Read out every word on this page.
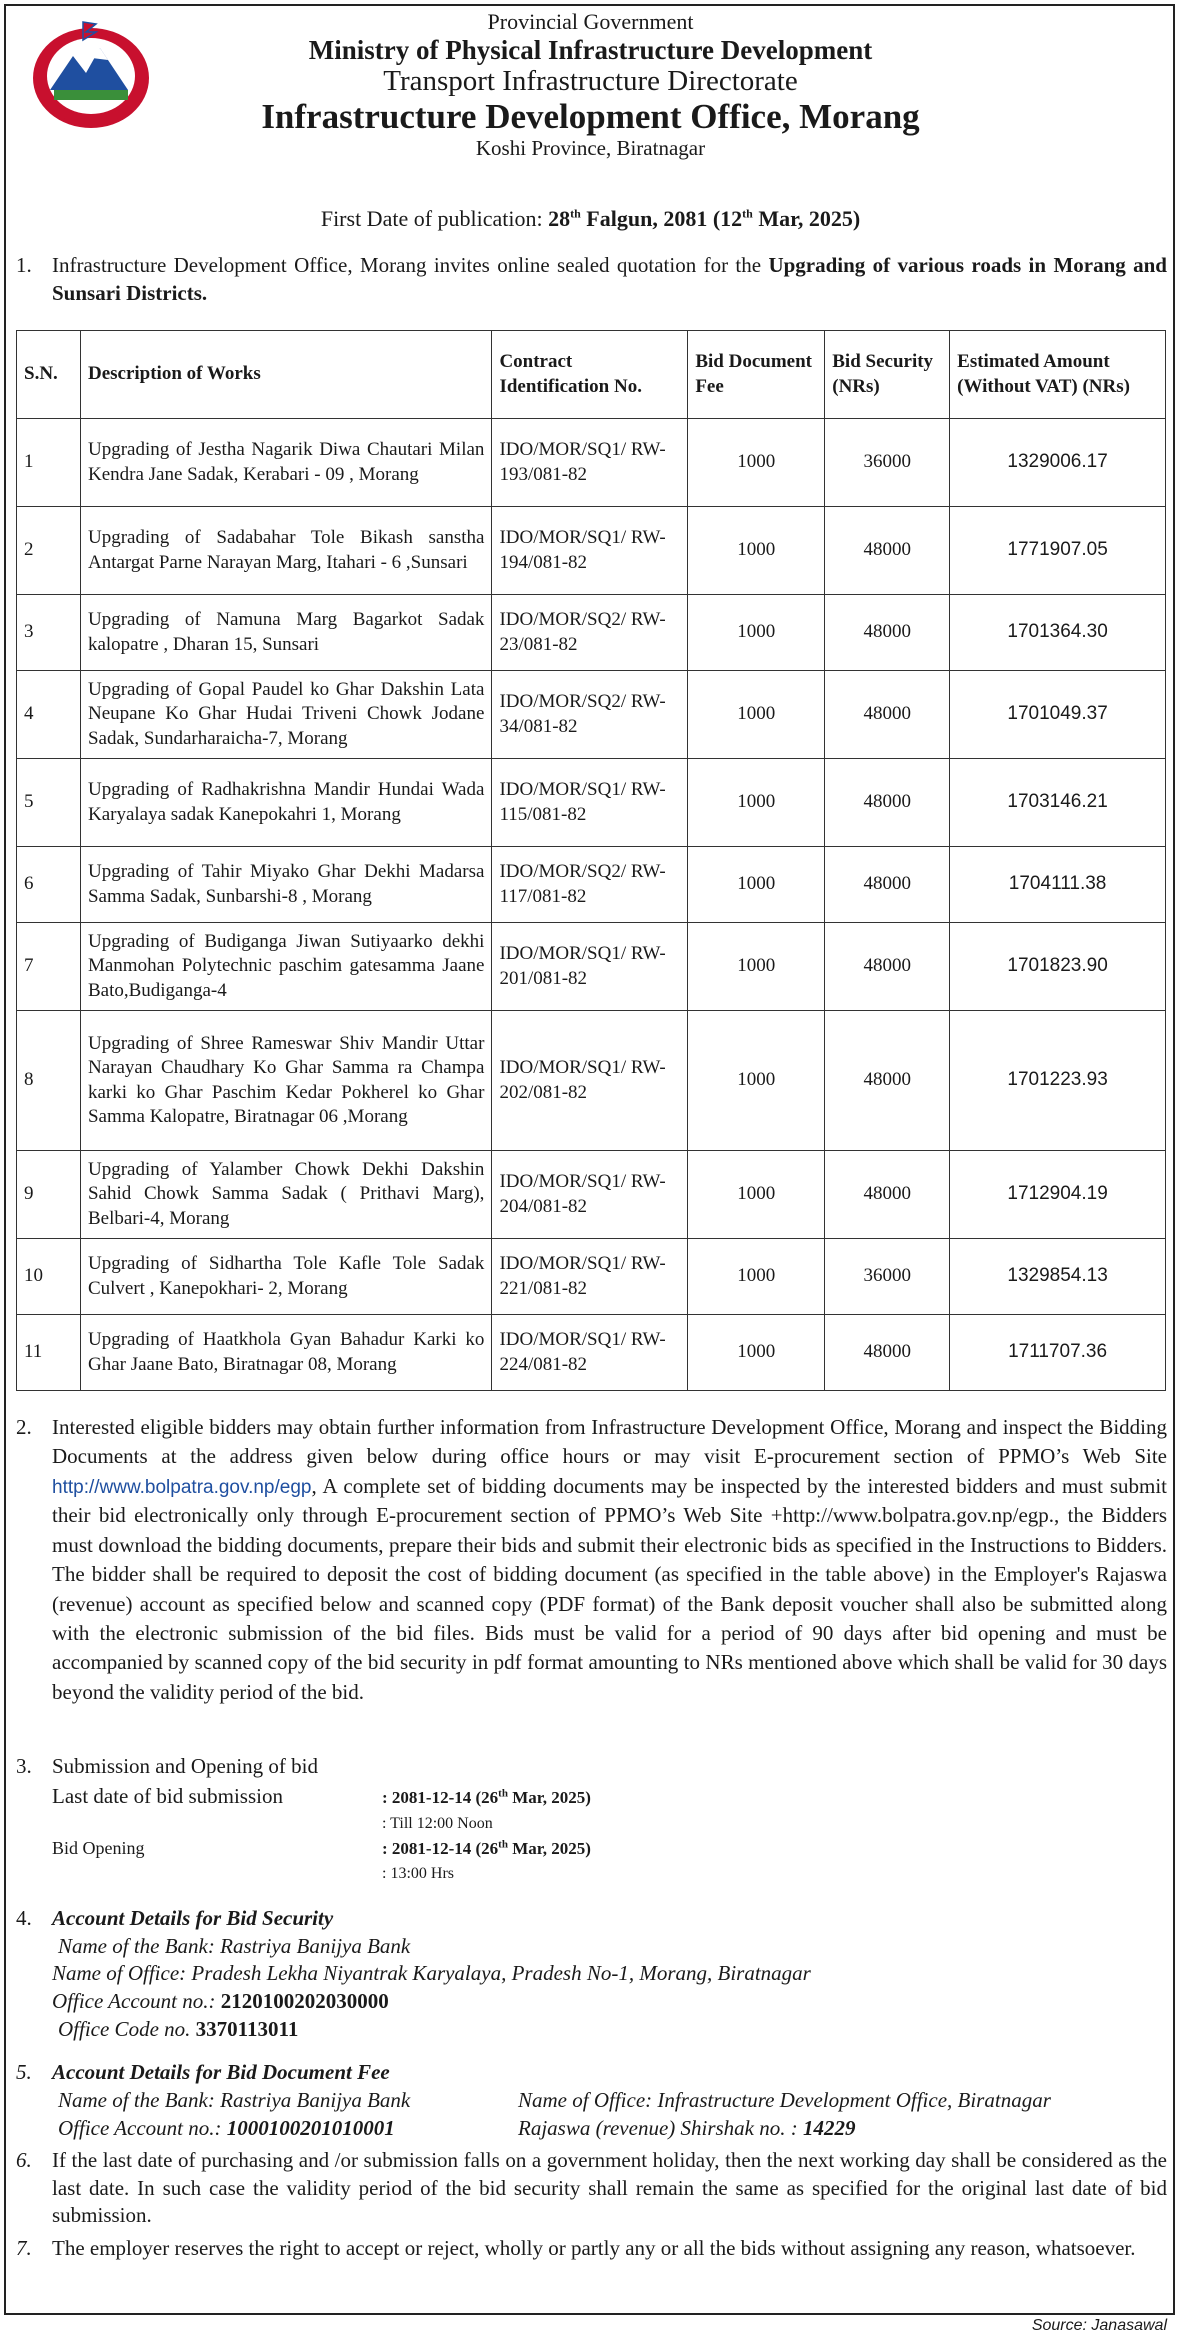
Provincial Government
Ministry of Physical Infrastructure Development
Transport Infrastructure Directorate
Infrastructure Development Office, Morang
Koshi Province, Biratnagar
First Date of publication: 28th Falgun, 2081 (12th Mar, 2025)
1. Infrastructure Development Office, Morang invites online sealed quotation for the Upgrading of various roads in Morang and Sunsari Districts.
S.N.	Description of Works	Contract Identification No.	Bid Document Fee	Bid Security (NRs)	Estimated Amount (Without VAT) (NRs)
1	Upgrading of Jestha Nagarik Diwa Chautari Milan Kendra Jane Sadak, Kerabari - 09 , Morang	IDO/MOR/SQ1/ RW-193/081-82	1000	36000	1329006.17
2	Upgrading of Sadabahar Tole Bikash sanstha Antargat Parne Narayan Marg, Itahari - 6 ,Sunsari	IDO/MOR/SQ1/ RW-194/081-82	1000	48000	1771907.05
3	Upgrading of Namuna Marg Bagarkot Sadak kalopatre , Dharan 15, Sunsari	IDO/MOR/SQ2/ RW-23/081-82	1000	48000	1701364.30
4	Upgrading of Gopal Paudel ko Ghar Dakshin Lata Neupane Ko Ghar Hudai Triveni Chowk Jodane Sadak, Sundarharaicha-7, Morang	IDO/MOR/SQ2/ RW-34/081-82	1000	48000	1701049.37
5	Upgrading of Radhakrishna Mandir Hundai Wada Karyalaya sadak Kanepokahri 1, Morang	IDO/MOR/SQ1/ RW-115/081-82	1000	48000	1703146.21
6	Upgrading of Tahir Miyako Ghar Dekhi Madarsa Samma Sadak, Sunbarshi-8 , Morang	IDO/MOR/SQ2/ RW-117/081-82	1000	48000	1704111.38
7	Upgrading of Budiganga Jiwan Sutiyaarko dekhi Manmohan Polytechnic paschim gatesamma Jaane Bato,Budiganga-4	IDO/MOR/SQ1/ RW-201/081-82	1000	48000	1701823.90
8	Upgrading of Shree Rameswar Shiv Mandir Uttar Narayan Chaudhary Ko Ghar Samma ra Champa karki ko Ghar Paschim Kedar Pokherel ko Ghar Samma Kalopatre, Biratnagar 06 ,Morang	IDO/MOR/SQ1/ RW-202/081-82	1000	48000	1701223.93
9	Upgrading of Yalamber Chowk Dekhi Dakshin Sahid Chowk Samma Sadak ( Prithavi Marg), Belbari-4, Morang	IDO/MOR/SQ1/ RW-204/081-82	1000	48000	1712904.19
10	Upgrading of Sidhartha Tole Kafle Tole Sadak Culvert , Kanepokhari- 2, Morang	IDO/MOR/SQ1/ RW-221/081-82	1000	36000	1329854.13
11	Upgrading of Haatkhola Gyan Bahadur Karki ko Ghar Jaane Bato, Biratnagar 08, Morang	IDO/MOR/SQ1/ RW-224/081-82	1000	48000	1711707.36
2. Interested eligible bidders may obtain further information from Infrastructure Development Office, Morang and inspect the Bidding Documents at the address given below during office hours or may visit E-procurement section of PPMO’s Web Site http://www.bolpatra.gov.np/egp, A complete set of bidding documents may be inspected by the interested bidders and must submit their bid electronically only through E-procurement section of PPMO’s Web Site +http://www.bolpatra.gov.np/egp., the Bidders must download the bidding documents, prepare their bids and submit their electronic bids as specified in the Instructions to Bidders. The bidder shall be required to deposit the cost of bidding document (as specified in the table above) in the Employer's Rajaswa (revenue) account as specified below and scanned copy (PDF format) of the Bank deposit voucher shall also be submitted along with the electronic submission of the bid files. Bids must be valid for a period of 90 days after bid opening and must be accompanied by scanned copy of the bid security in pdf format amounting to NRs mentioned above which shall be valid for 30 days beyond the validity period of the bid.
3. Submission and Opening of bid
Last date of bid submission	: 2081-12-14 (26th Mar, 2025)
: Till 12:00 Noon
Bid Opening	: 2081-12-14 (26th Mar, 2025)
: 13:00 Hrs
4. Account Details for Bid Security
Name of the Bank: Rastriya Banijya Bank
Name of Office: Pradesh Lekha Niyantrak Karyalaya, Pradesh No-1, Morang, Biratnagar
Office Account no.: 2120100202030000
Office Code no. 3370113011
5. Account Details for Bid Document Fee
Name of the Bank: Rastriya Banijya Bank	Name of Office: Infrastructure Development Office, Biratnagar
Office Account no.: 1000100201010001	Rajaswa (revenue) Shirshak no. : 14229
6. If the last date of purchasing and /or submission falls on a government holiday, then the next working day shall be considered as the last date. In such case the validity period of the bid security shall remain the same as specified for the original last date of bid submission.
7. The employer reserves the right to accept or reject, wholly or partly any or all the bids without assigning any reason, whatsoever.
Source: Janasawal
